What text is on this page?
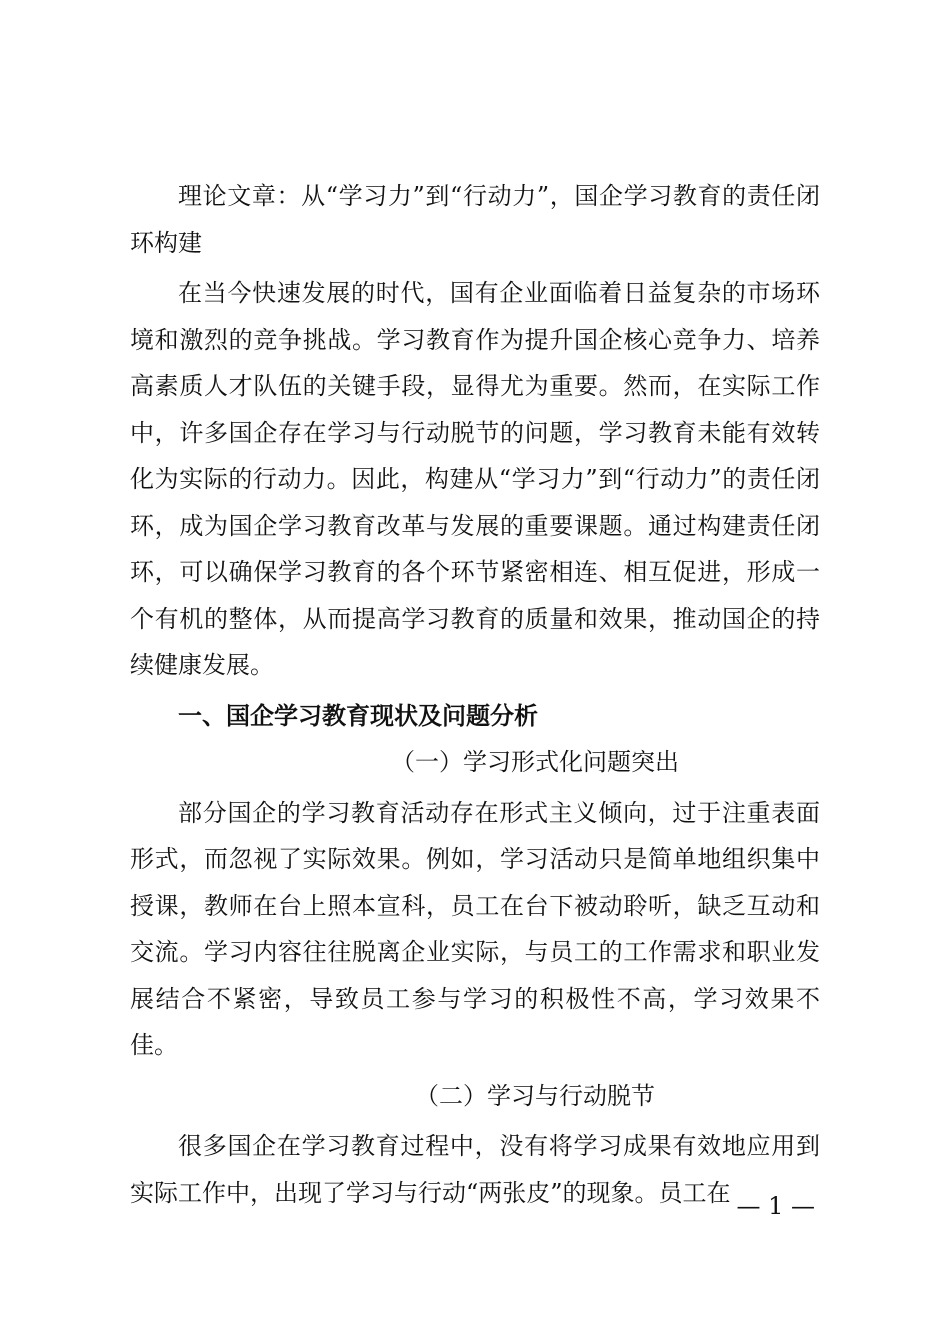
理论文章：从“学习力”到“行动力”，国企学习教育的责任闭环构建

在当今快速发展的时代，国有企业面临着日益复杂的市场环境和激烈的竞争挑战。学习教育作为提升国企核心竞争力、培养高素质人才队伍的关键手段，显得尤为重要。然而，在实际工作中，许多国企存在学习与行动脱节的问题，学习教育未能有效转化为实际的行动力。因此，构建从“学习力”到“行动力”的责任闭环，成为国企学习教育改革与发展的重要课题。通过构建责任闭环，可以确保学习教育的各个环节紧密相连、相互促进，形成一个有机的整体，从而提高学习教育的质量和效果，推动国企的持续健康发展。

一、国企学习教育现状及问题分析

（一）学习形式化问题突出

部分国企的学习教育活动存在形式主义倾向，过于注重表面形式，而忽视了实际效果。例如，学习活动只是简单地组织集中授课，教师在台上照本宣科，员工在台下被动聆听，缺乏互动和交流。学习内容往往脱离企业实际，与员工的工作需求和职业发展结合不紧密，导致员工参与学习的积极性不高，学习效果不佳。

（二）学习与行动脱节

很多国企在学习教育过程中，没有将学习成果有效地应用到实际工作中，出现了学习与行动“两张皮”的现象。员工在 — 1 —
